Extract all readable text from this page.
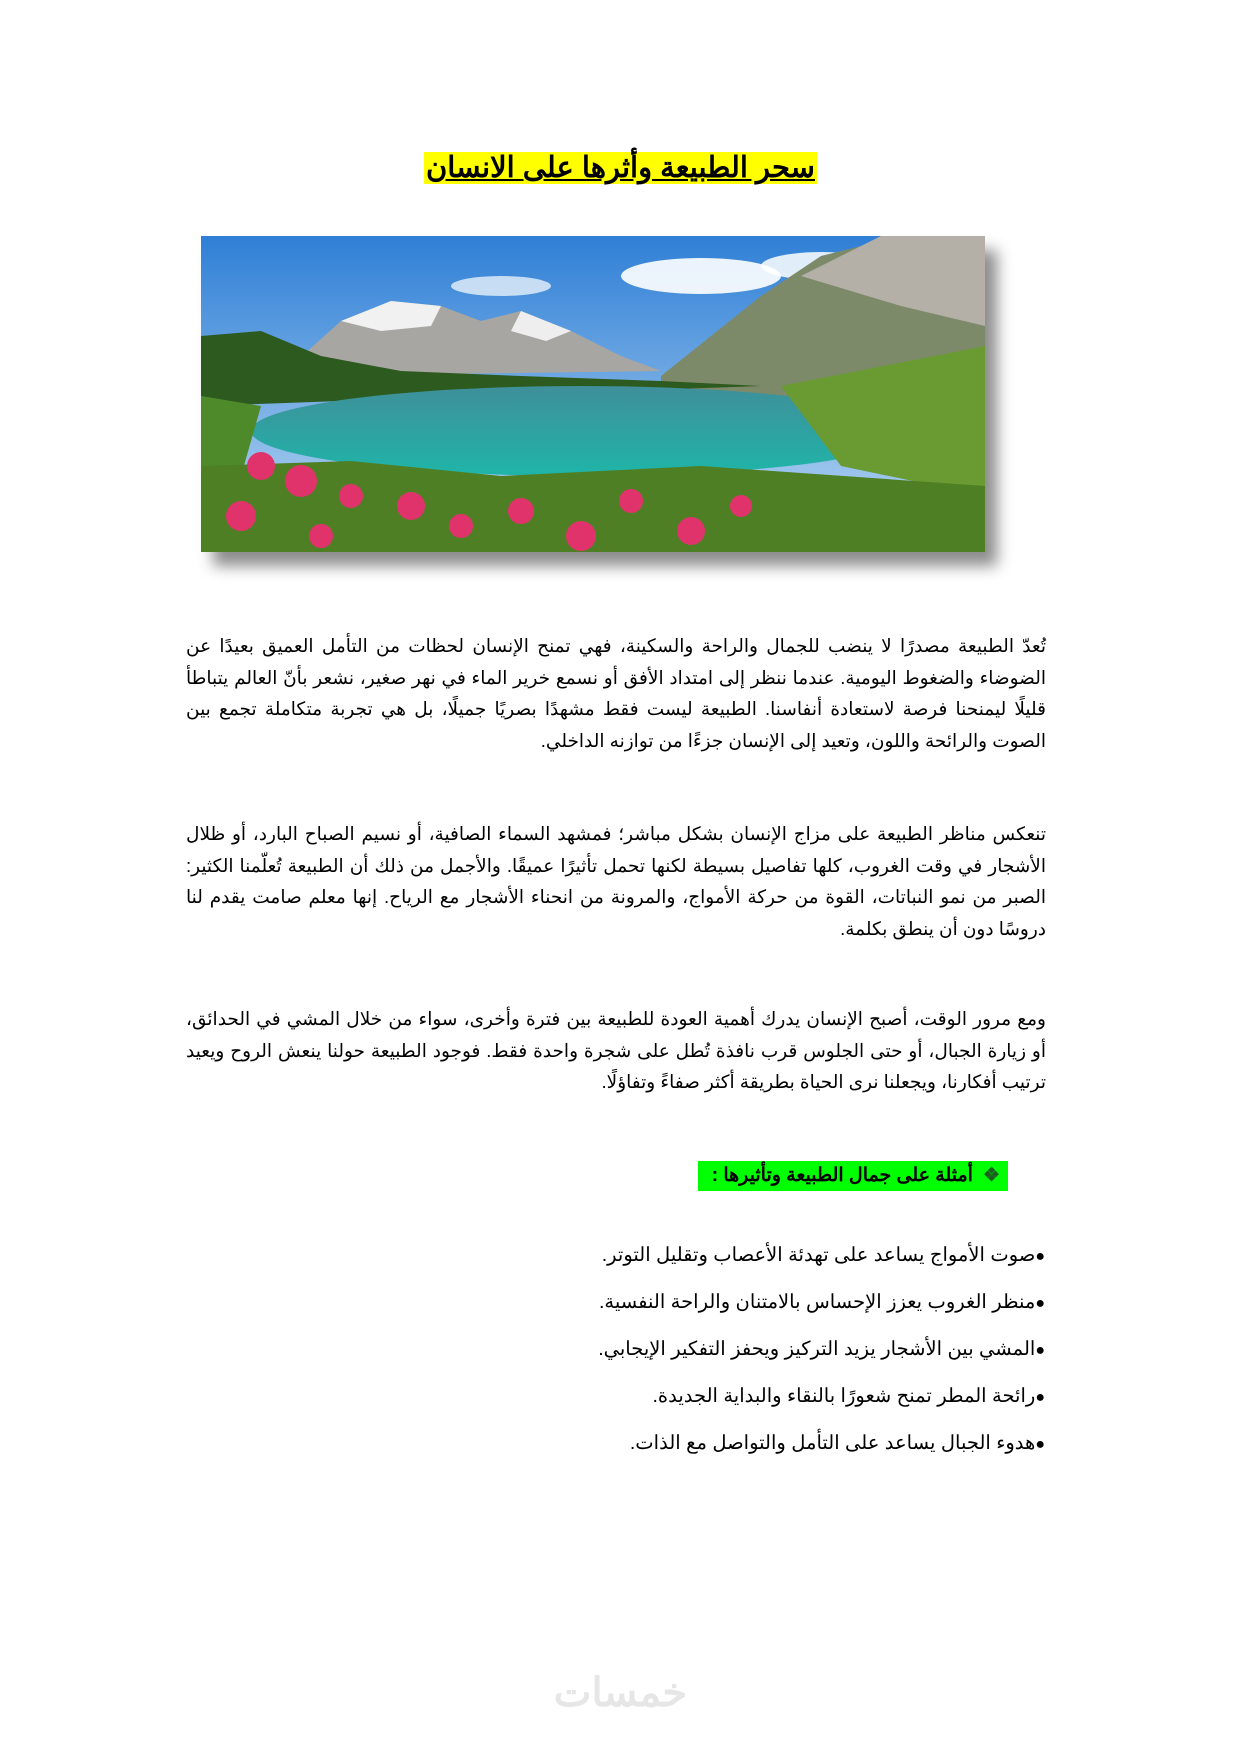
سحر الطبيعة وأثرها على الانسان
تُعدّ الطبيعة مصدرًا لا ينضب للجمال والراحة والسكينة، فهي تمنح الإنسان لحظات من التأمل العميق بعيدًا عن الضوضاء والضغوط اليومية. عندما ننظر إلى امتداد الأفق أو نسمع خرير الماء في نهر صغير، نشعر بأنّ العالم يتباطأ قليلًا ليمنحنا فرصة لاستعادة أنفاسنا. الطبيعة ليست فقط مشهدًا بصريًا جميلًا، بل هي تجربة متكاملة تجمع بين الصوت والرائحة واللون، وتعيد إلى الإنسان جزءًا من توازنه الداخلي.
تنعكس مناظر الطبيعة على مزاج الإنسان بشكل مباشر؛ فمشهد السماء الصافية، أو نسيم الصباح البارد، أو ظلال الأشجار في وقت الغروب، كلها تفاصيل بسيطة لكنها تحمل تأثيرًا عميقًا. والأجمل من ذلك أن الطبيعة تُعلّمنا الكثير: الصبر من نمو النباتات، القوة من حركة الأمواج، والمرونة من انحناء الأشجار مع الرياح. إنها معلم صامت يقدم لنا دروسًا دون أن ينطق بكلمة.
ومع مرور الوقت، أصبح الإنسان يدرك أهمية العودة للطبيعة بين فترة وأخرى، سواء من خلال المشي في الحدائق، أو زيارة الجبال، أو حتى الجلوس قرب نافذة تُطل على شجرة واحدة فقط. فوجود الطبيعة حولنا ينعش الروح ويعيد ترتيب أفكارنا، ويجعلنا نرى الحياة بطريقة أكثر صفاءً وتفاؤلًا.
❖أمثلة على جمال الطبيعة وتأثيرها :
●صوت الأمواج يساعد على تهدئة الأعصاب وتقليل التوتر.
●منظر الغروب يعزز الإحساس بالامتنان والراحة النفسية.
●المشي بين الأشجار يزيد التركيز ويحفز التفكير الإيجابي.
●رائحة المطر تمنح شعورًا بالنقاء والبداية الجديدة.
●هدوء الجبال يساعد على التأمل والتواصل مع الذات.
خمسات
